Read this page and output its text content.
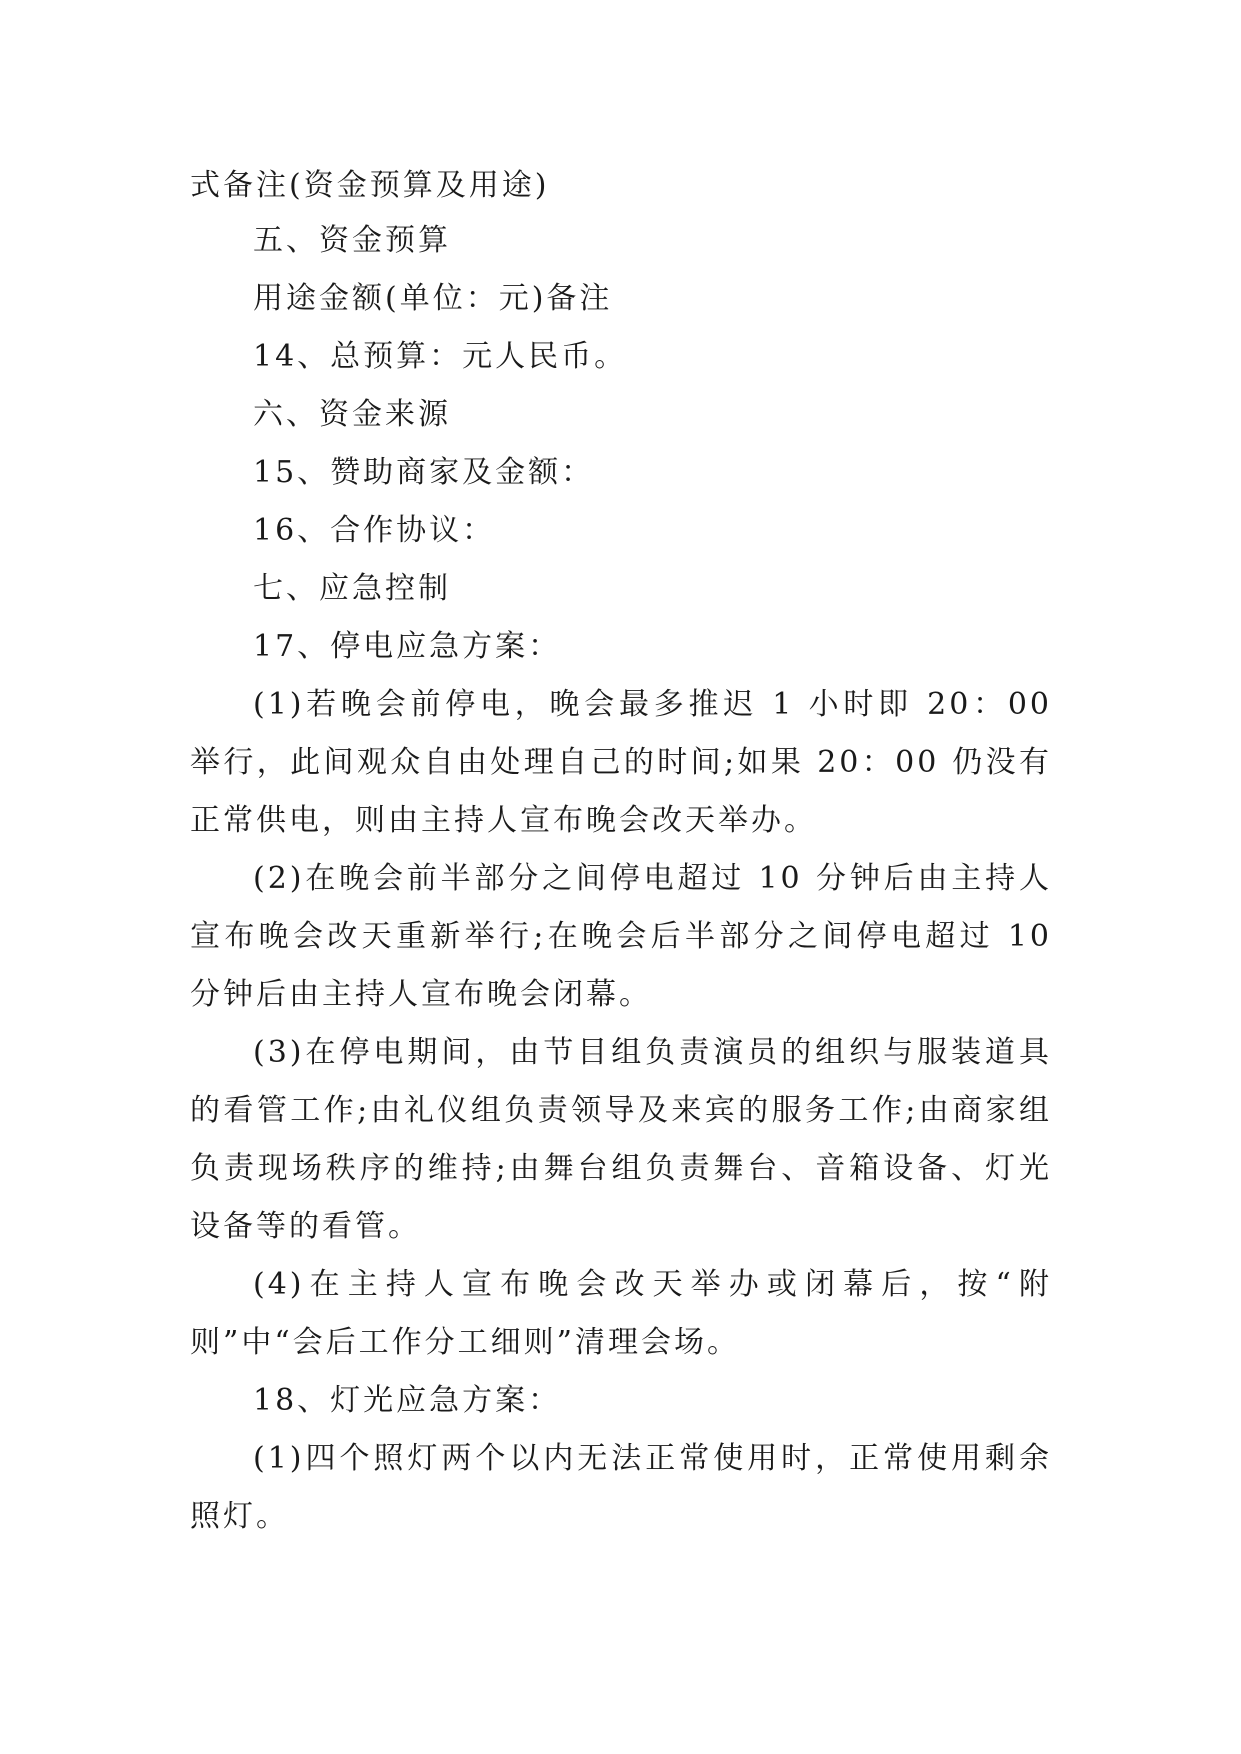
式备注(资金预算及用途)
五、资金预算
用途金额(单位：元)备注
14、总预算：元人民币。
六、资金来源
15、赞助商家及金额：
16、合作协议：
七、应急控制
17、停电应急方案：

(1)若晚会前停电，晚会最多推迟 1 小时即 20：00 举行，此间观众自由处理自己的时间;如果 20：00 仍没有正常供电，则由主持人宣布晚会改天举办。

(2)在晚会前半部分之间停电超过 10 分钟后由主持人宣布晚会改天重新举行;在晚会后半部分之间停电超过 10 分钟后由主持人宣布晚会闭幕。

(3)在停电期间，由节目组负责演员的组织与服装道具的看管工作;由礼仪组负责领导及来宾的服务工作;由商家组负责现场秩序的维持;由舞台组负责舞台、音箱设备、灯光设备等的看管。

(4)在主持人宣布晚会改天举办或闭幕后，按“附则”中“会后工作分工细则”清理会场。

18、灯光应急方案：

(1)四个照灯两个以内无法正常使用时，正常使用剩余照灯。
